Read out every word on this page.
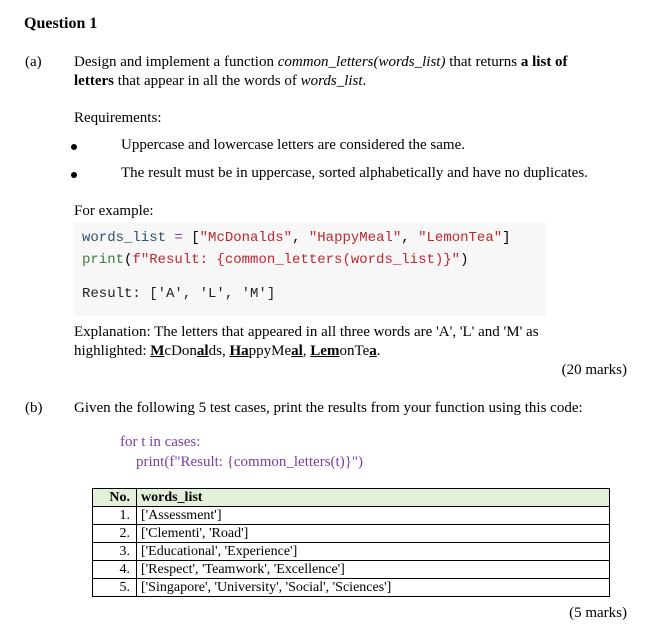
Question 1
(a) Design and implement a function common_letters(words_list) that returns a list of
letters that appear in all the words of words_list.
Requirements:
Uppercase and lowercase letters are considered the same.
The result must be in uppercase, sorted alphabetically and have no duplicates.
For example:
words_list = ["McDonalds", "HappyMeal", "LemonTea"]
print(f"Result: {common_letters(words_list)}")
Result: ['A', 'L', 'M']
Explanation: The letters that appeared in all three words are 'A', 'L' and 'M' as
highlighted: McDonalds, HappyMeal, LemonTea.
(20 marks)
(b) Given the following 5 test cases, print the results from your function using this code:
for t in cases:
print(f"Result: {common_letters(t)}")
No.	words_list
1.	['Assessment']
2.	['Clementi', 'Road']
3.	['Educational', 'Experience']
4.	['Respect', 'Teamwork', 'Excellence']
5.	['Singapore', 'University', 'Social', 'Sciences']
(5 marks)
